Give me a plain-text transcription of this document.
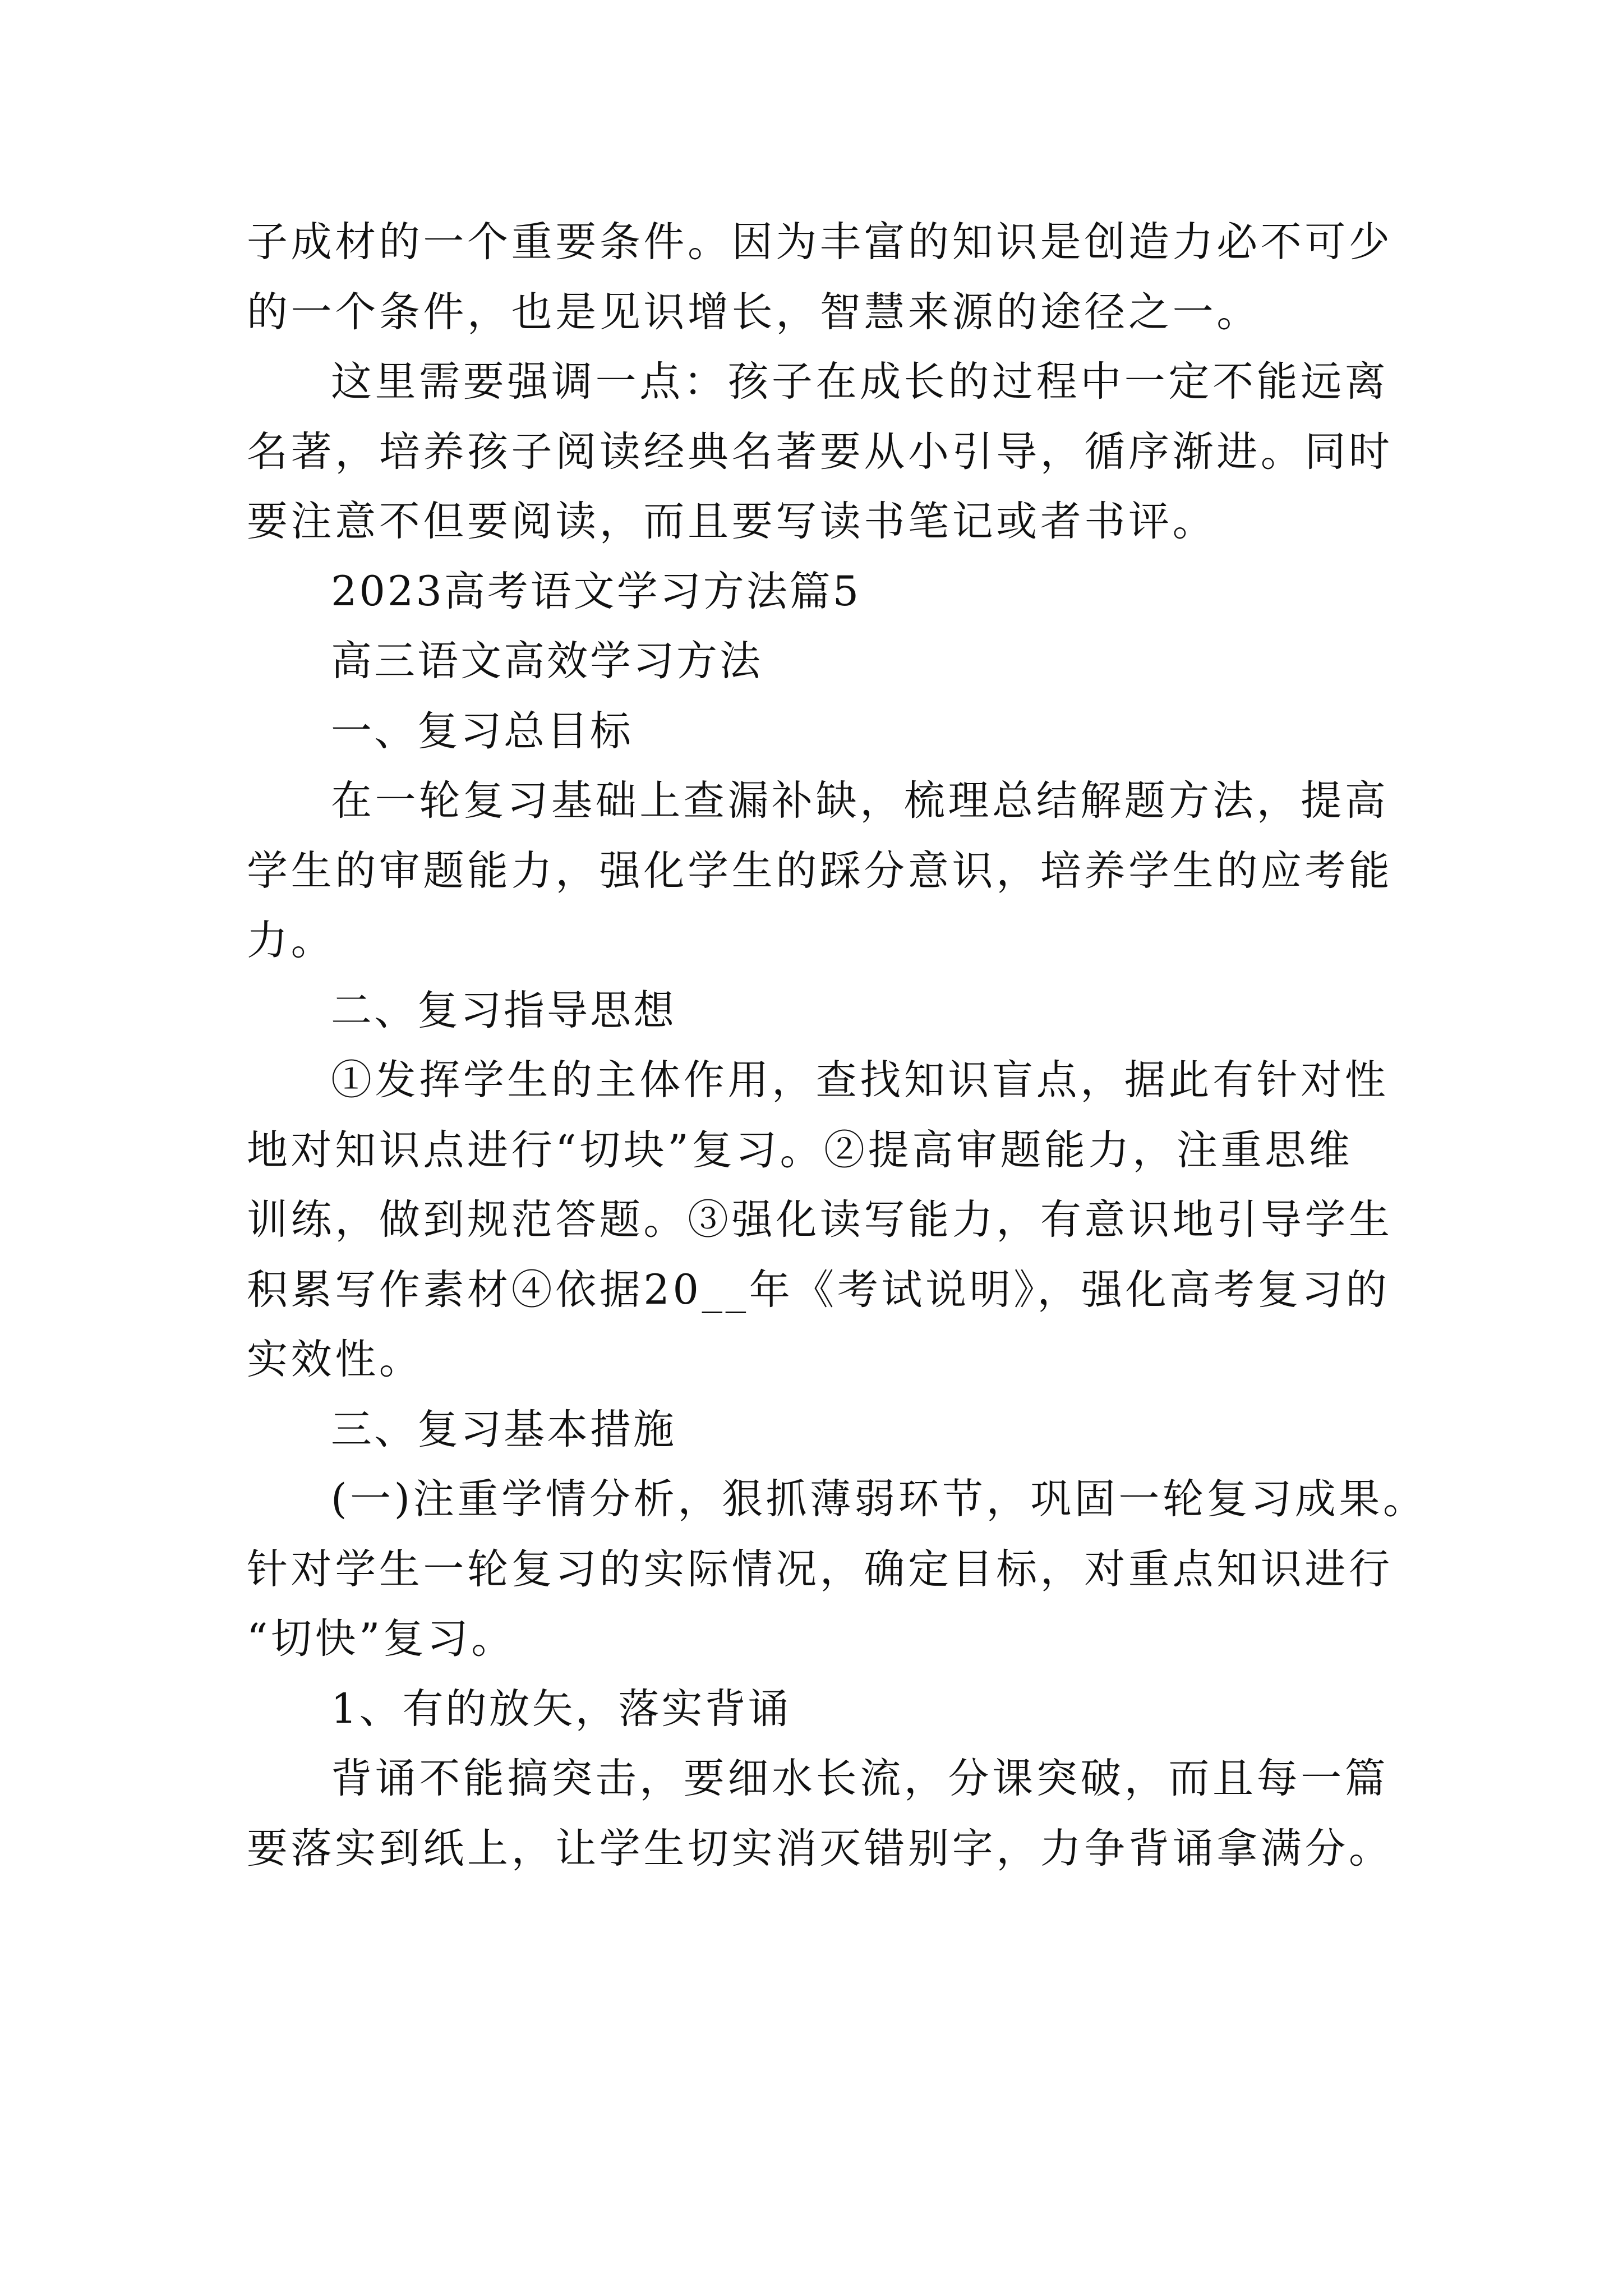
子成材的一个重要条件。因为丰富的知识是创造力必不可少
的一个条件，也是见识增长，智慧来源的途径之一。
这里需要强调一点：孩子在成长的过程中一定不能远离
名著，培养孩子阅读经典名著要从小引导，循序渐进。同时
要注意不但要阅读，而且要写读书笔记或者书评。
2023高考语文学习方法篇5
高三语文高效学习方法
一、复习总目标
在一轮复习基础上查漏补缺，梳理总结解题方法，提高
学生的审题能力，强化学生的踩分意识，培养学生的应考能
力。
二、复习指导思想
①发挥学生的主体作用，查找知识盲点，据此有针对性
地对知识点进行“切块”复习。②提高审题能力，注重思维
训练，做到规范答题。③强化读写能力，有意识地引导学生
积累写作素材④依据20__年《考试说明》，强化高考复习的
实效性。
三、复习基本措施
(一)注重学情分析，狠抓薄弱环节，巩固一轮复习成果。
针对学生一轮复习的实际情况，确定目标，对重点知识进行
“切快”复习。
1、有的放矢，落实背诵
背诵不能搞突击，要细水长流，分课突破，而且每一篇
要落实到纸上，让学生切实消灭错别字，力争背诵拿满分。
